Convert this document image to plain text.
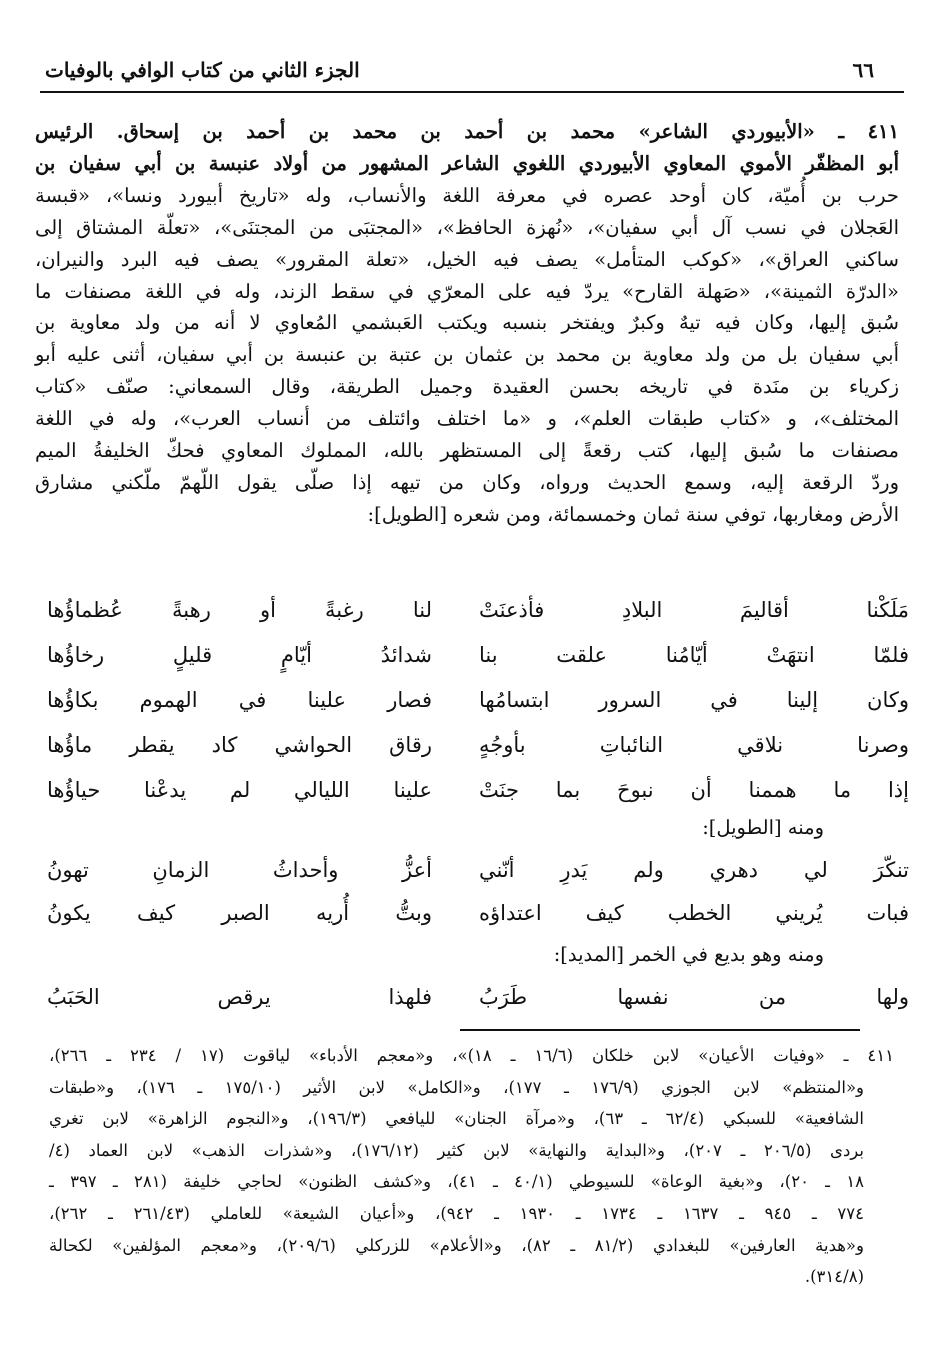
٦٦
الجزء الثاني من كتاب الوافي بالوفيات
٤١١ ـ «الأبيوردي الشاعر» محمد بن أحمد بن محمد بن أحمد بن إسحاق. الرئيس
أبو المظفّر الأموي المعاوي الأبيوردي اللغوي الشاعر المشهور من أولاد عنبسة بن أبي سفيان بن
حرب بن أُميّة، كان أوحد عصره في معرفة اللغة والأنساب، وله «تاريخ أبيورد ونسا»، «قبسة
العَجلان في نسب آل أبي سفيان»، «نُهزة الحافظ»، «المجتبَى من المجتنَى»، «تعلّة المشتاق إلى
ساكني العراق»، «كوكب المتأمل» يصف فيه الخيل، «تعلة المقرور» يصف فيه البرد والنيران،
«الدرّة الثمينة»، «صَهلة القارح» يردّ فيه على المعرّي في سقط الزند، وله في اللغة مصنفات ما
سُبق إليها، وكان فيه تيهٌ وكبرٌ ويفتخر بنسبه ويكتب العَبشمي المُعاوي لا أنه من ولد معاوية بن
أبي سفيان بل من ولد معاوية بن محمد بن عثمان بن عتبة بن عنبسة بن أبي سفيان، أثنى عليه أبو
زكرياء بن منَدة في تاريخه بحسن العقيدة وجميل الطريقة، وقال السمعاني: صنّف «كتاب
المختلف»، و «كتاب طبقات العلم»، و «ما اختلف وائتلف من أنساب العرب»، وله في اللغة
مصنفات ما سُبق إليها، كتب رقعةً إلى المستظهر بالله، المملوك المعاوي فحكّ الخليفةُ الميم
وردّ الرقعة إليه، وسمع الحديث ورواه، وكان من تيهه إذا صلّى يقول اللّهمّ ملّكني مشارق
الأرض ومغاربها، توفي سنة ثمان وخمسمائة، ومن شعره [الطويل]:
مَلَكْنا أقاليمَ البلادِ فأذعنَتْ
لنا رغبةً أو رهبةً عُظماؤُها
فلمّا انتهَتْ أيّامُنا علقت بنا
شدائدُ أيّامٍ قليلٍ رخاؤُها
وكان إلينا في السرور ابتسامُها
فصار علينا في الهموم بكاؤُها
وصرنا نلاقي النائباتِ بأوجُهٍ
رقاق الحواشي كاد يقطر ماؤُها
إذا ما هممنا أن نبوحَ بما جنَتْ
علينا الليالي لم يدعْنا حياؤُها
ومنه [الطويل]:
تنكّرَ لي دهري ولم يَدرِ أنّني
أعزُّ وأحداثُ الزمانِ تهونُ
فبات يُريني الخطب كيف اعتداؤه
وبتُّ أُريه الصبر كيف يكونُ
ومنه وهو بديع في الخمر [المديد]:
ولها من نفسها طَرَبُ
فلهذا يرقص الحَبَبُ
٤١١ ـ «وفيات الأعيان» لابن خلكان (١٦/٦ ـ ١٨)»، و«معجم الأدباء» لياقوت (١٧ / ٢٣٤ ـ ٢٦٦)،
و«المنتظم» لابن الجوزي (١٧٦/٩ ـ ١٧٧)، و«الكامل» لابن الأثير (١٧٥/١٠ ـ ١٧٦)، و«طبقات
الشافعية» للسبكي (٦٢/٤ ـ ٦٣)، و«مرآة الجنان» لليافعي (١٩٦/٣)، و«النجوم الزاهرة» لابن تغري
بردى (٢٠٦/٥ ـ ٢٠٧)، و«البداية والنهاية» لابن كثير (١٧٦/١٢)، و«شذرات الذهب» لابن العماد (٤/
١٨ ـ ٢٠)، و«بغية الوعاة» للسيوطي (٤٠/١ ـ ٤١)، و«كشف الظنون» لحاجي خليفة (٢٨١ ـ ٣٩٧ ـ
٧٧٤ ـ ٩٤٥ ـ ١٦٣٧ ـ ١٧٣٤ ـ ١٩٣٠ ـ ٩٤٢)، و«أعيان الشيعة» للعاملي (٢٦١/٤٣ ـ ٢٦٢)،
و«هدية العارفين» للبغدادي (٨١/٢ ـ ٨٢)، و«الأعلام» للزركلي (٢٠٩/٦)، و«معجم المؤلفين» لكحالة
(٣١٤/٨).
